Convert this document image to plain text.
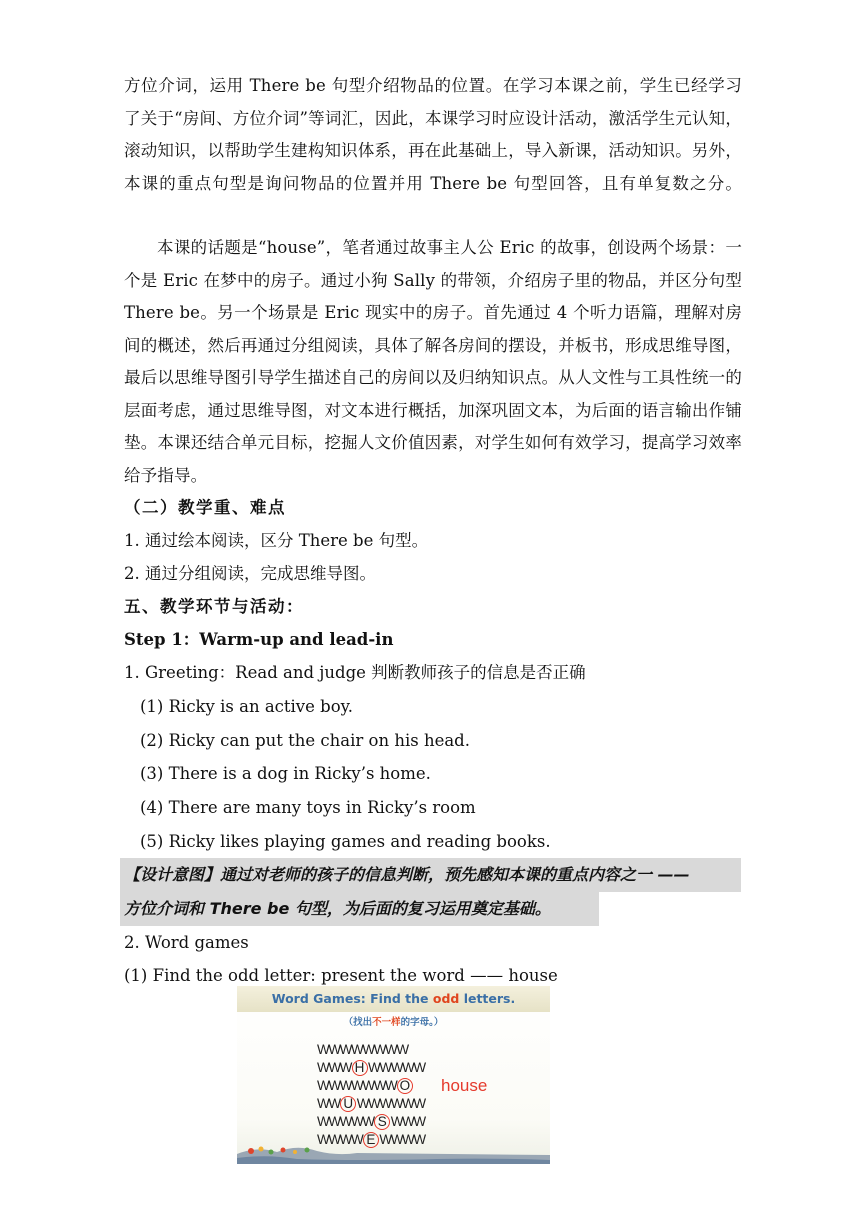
方位介词，运用 There be 句型介绍物品的位置。在学习本课之前，学生已经学习了关于“房间、方位介词”等词汇，因此，本课学习时应设计活动，激活学生元认知，滚动知识，以帮助学生建构知识体系，再在此基础上，导入新课，活动知识。另外，本课的重点句型是询问物品的位置并用 There be 句型回答，且有单复数之分。

本课的话题是“house”，笔者通过故事主人公 Eric 的故事，创设两个场景：一个是 Eric 在梦中的房子。通过小狗 Sally 的带领，介绍房子里的物品，并区分句型 There be。另一个场景是 Eric 现实中的房子。首先通过 4 个听力语篇，理解对房间的概述，然后再通过分组阅读，具体了解各房间的摆设，并板书，形成思维导图，最后以思维导图引导学生描述自己的房间以及归纳知识点。从人文性与工具性统一的层面考虑，通过思维导图，对文本进行概括，加深巩固文本，为后面的语言输出作铺垫。本课还结合单元目标，挖掘人文价值因素，对学生如何有效学习，提高学习效率给予指导。

（二）教学重、难点
1. 通过绘本阅读，区分 There be 句型。
2. 通过分组阅读，完成思维导图。
五、教学环节与活动：
Step 1：Warm-up and lead-in
1. Greeting：Read and judge 判断教师孩子的信息是否正确
(1) Ricky is an active boy.
(2) Ricky can put the chair on his head.
(3) There is a dog in Ricky’s home.
(4) There are many toys in Ricky’s room
(5) Ricky likes playing games and reading books.
【设计意图】通过对老师的孩子的信息判断，预先感知本课的重点内容之一 ——
方位介词和 There be 句型，为后面的复习运用奠定基础。
2. Word games
(1) Find the odd letter: present the word —— house
Word Games: Find the odd letters.
（找出不一样的字母。）
WWWWWWWW
WWW H WWWWW
WWWWWWW O
WW U WWWWWW
WWWWW S WWW
WWWW E WWWW
house
